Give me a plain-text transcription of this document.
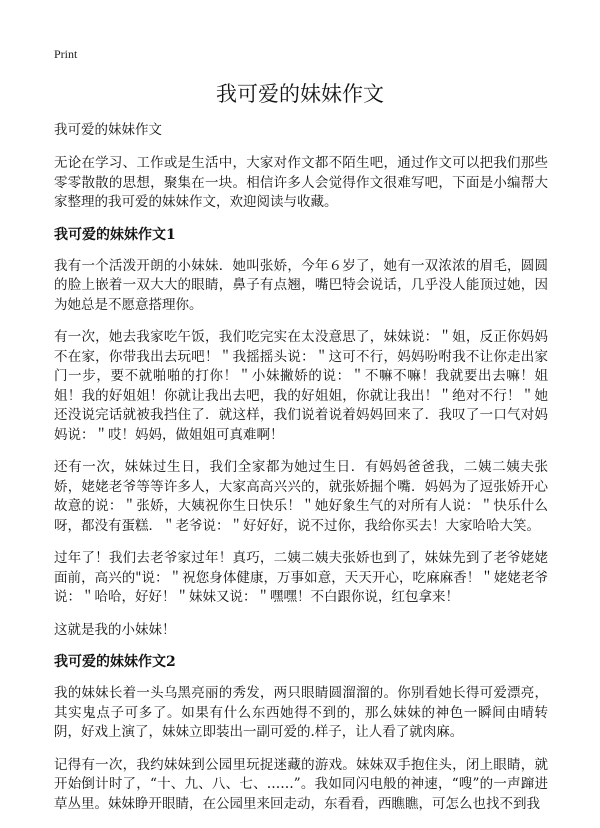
Print
我可爱的妹妹作文
我可爱的妹妹作文

无论在学习、工作或是生活中，大家对作文都不陌生吧，通过作文可以把我们那些零零散散的思想，聚集在一块。相信许多人会觉得作文很难写吧，下面是小编帮大家整理的我可爱的妹妹作文，欢迎阅读与收藏。

我可爱的妹妹作文1

我有一个活泼开朗的小妹妹．她叫张娇，今年６岁了，她有一双浓浓的眉毛，圆圆的脸上嵌着一双大大的眼睛，鼻子有点翘，嘴巴特会说话，几乎没人能顶过她，因为她总是不愿意搭理你。

有一次，她去我家吃午饭，我们吃完实在太没意思了，妹妹说：＂姐，反正你妈妈不在家，你带我出去玩吧！＂我摇摇头说：＂这可不行，妈妈吩咐我不让你走出家门一步，要不就啪啪的打你！＂小妹撇娇的说：＂不嘛不嘛！我就要出去嘛！姐姐！我的好姐姐！你就让我出去吧，我的好姐姐，你就让我出！＂绝对不行！＂她还没说完话就被我挡住了．就这样，我们说着说着妈妈回来了．我叹了一口气对妈妈说：＂哎！妈妈，做姐姐可真难啊！

还有一次，妹妹过生日，我们全家都为她过生日．有妈妈爸爸我，二姨二姨夫张娇，姥姥老爷等等许多人，大家高高兴兴的，就张娇掘个嘴．妈妈为了逗张娇开心故意的说：＂张娇，大姨祝你生日快乐！＂她好象生气的对所有人说：＂快乐什么呀，都没有蛋糕．＂老爷说：＂好好好，说不过你，我给你买去！大家哈哈大笑。

过年了！我们去老爷家过年！真巧，二姨二姨夫张娇也到了，妹妹先到了老爷姥姥面前，高兴的"说：＂祝您身体健康，万事如意，天天开心，吃麻麻香！＂姥姥老爷说：＂哈哈，好好！＂妹妹又说：＂嘿嘿！不白跟你说，红包拿来！

这就是我的小妹妹！

我可爱的妹妹作文2

我的妹妹长着一头乌黑亮丽的秀发，两只眼睛圆溜溜的。你别看她长得可爱漂亮，其实鬼点子可多了。如果有什么东西她得不到的，那么妹妹的神色一瞬间由晴转阴，好戏上演了，妹妹立即装出一副可爱的.样子，让人看了就肉麻。

记得有一次，我约妹妹到公园里玩捉迷藏的游戏。妹妹双手抱住头，闭上眼睛，就开始倒计时了，“十、九、八、七、……”。我如同闪电般的神速，“嗖”的一声蹿进草丛里。妹妹睁开眼睛，在公园里来回走动，东看看，西瞧瞧，可怎么也找不到我
